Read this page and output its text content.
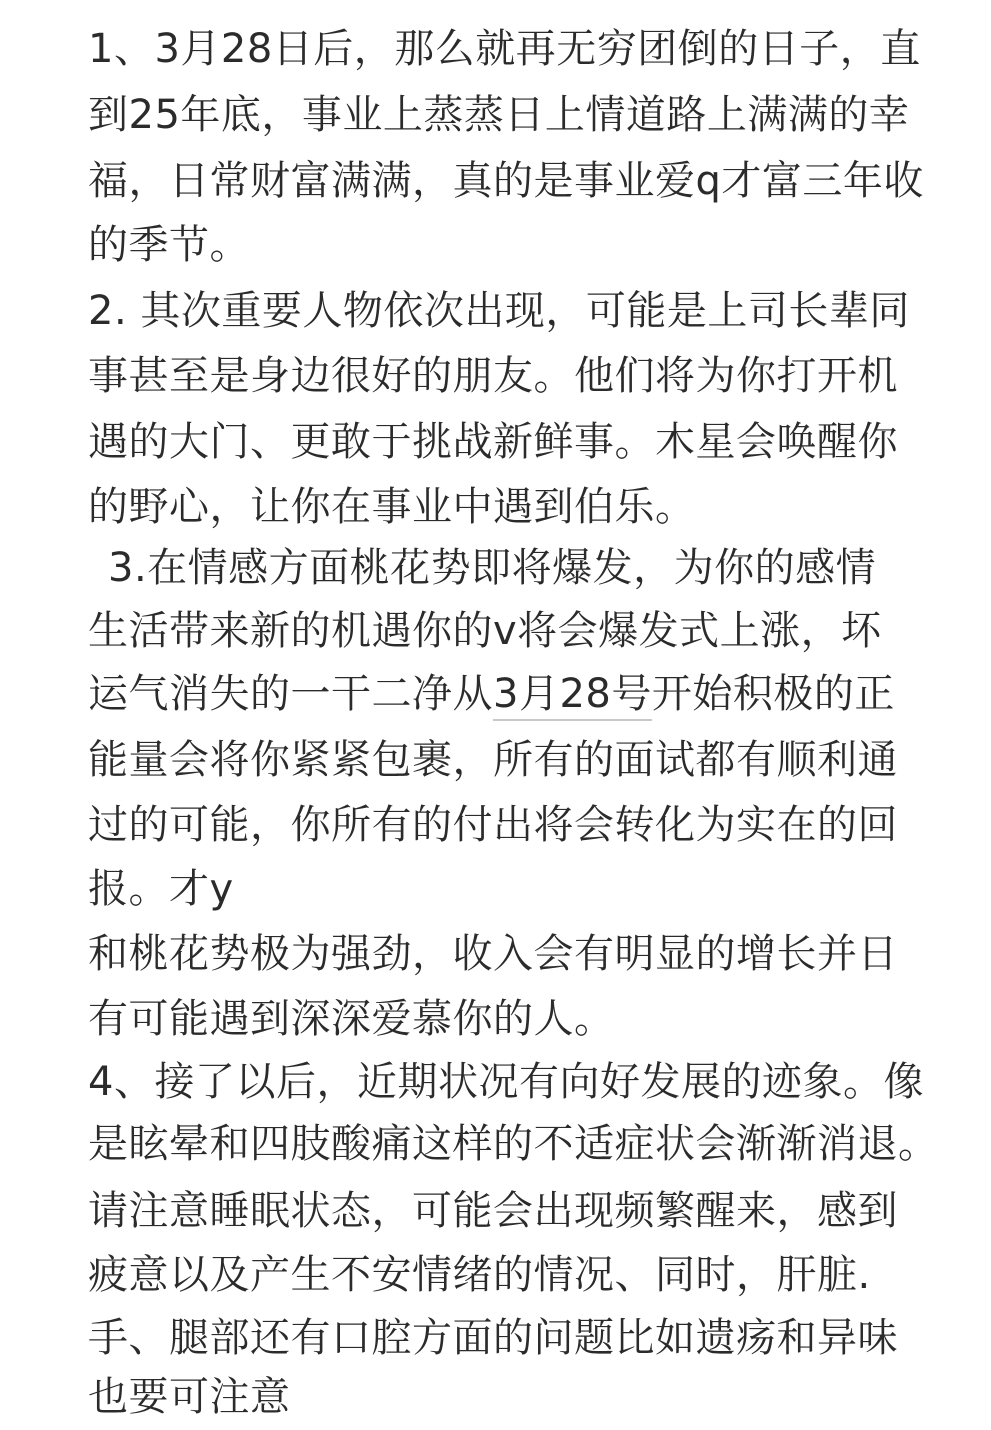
1、3月28日后，那么就再无穷团倒的日子，直
到25年底，事业上蒸蒸日上情道路上满满的幸
福，日常财富满满，真的是事业爱q才富三年收
的季节。
2. 其次重要人物依次出现，可能是上司长辈同
事甚至是身边很好的朋友。他们将为你打开机
遇的大门、更敢于挑战新鲜事。木星会唤醒你
的野心，让你在事业中遇到伯乐。
3.在情感方面桃花势即将爆发，为你的感情
生活带来新的机遇你的v将会爆发式上涨，坏
运气消失的一干二净从3月28号开始积极的正
能量会将你紧紧包裹，所有的面试都有顺利通
过的可能，你所有的付出将会转化为实在的回
报。才y
和桃花势极为强劲，收入会有明显的增长并日
有可能遇到深深爱慕你的人。
4、接了以后，近期状况有向好发展的迹象。像
是眩晕和四肢酸痛这样的不适症状会渐渐消退。
请注意睡眠状态，可能会出现频繁醒来，感到
疲意以及产生不安情绪的情况、同时，肝脏.
手、腿部还有口腔方面的问题比如遗疡和异味
也要可注意
